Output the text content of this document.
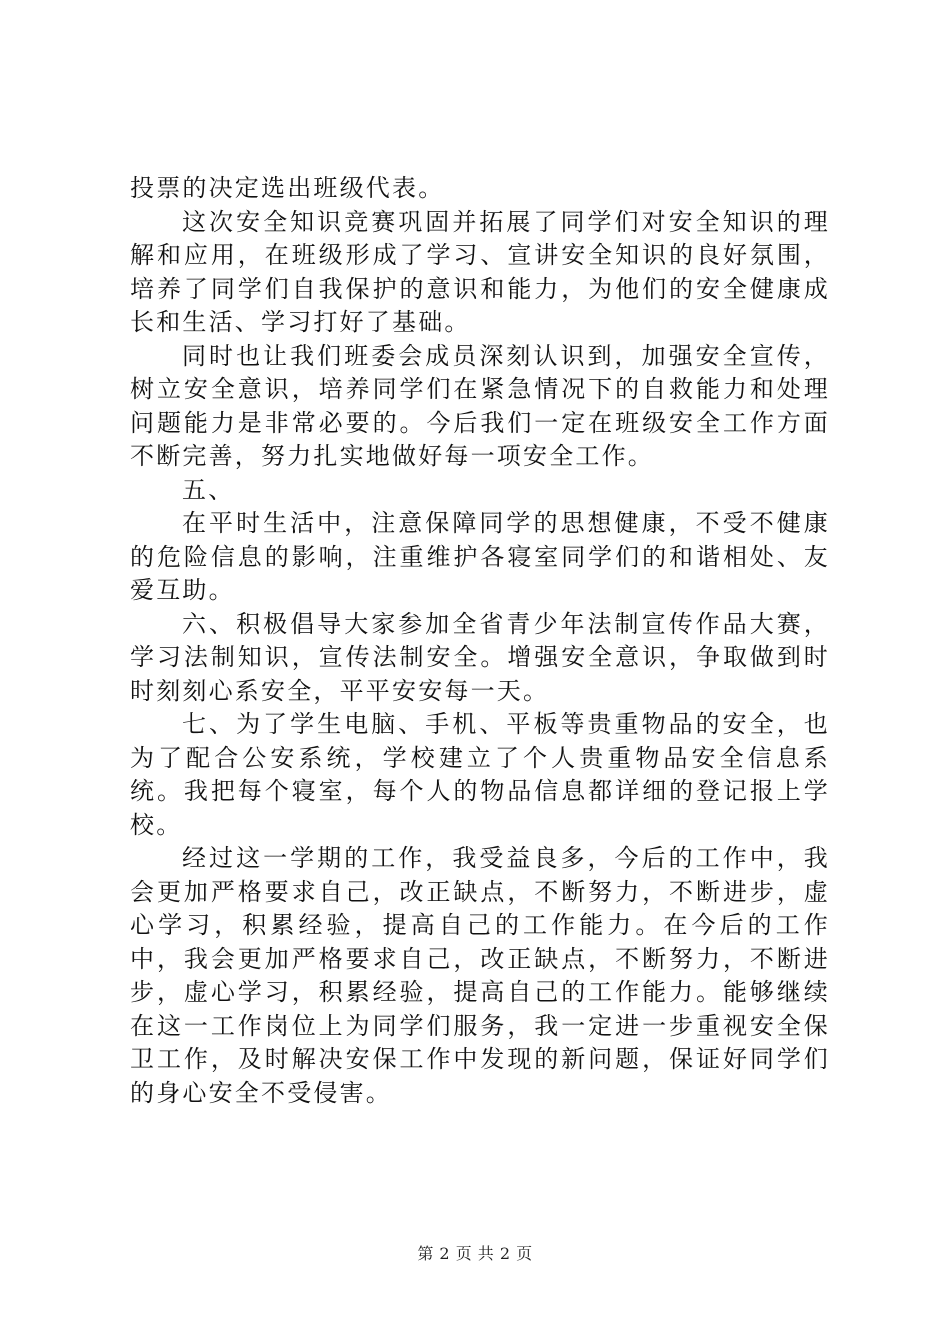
投票的决定选出班级代表。

这次安全知识竞赛巩固并拓展了同学们对安全知识的理解和应用，在班级形成了学习、宣讲安全知识的良好氛围，培养了同学们自我保护的意识和能力，为他们的安全健康成长和生活、学习打好了基础。

同时也让我们班委会成员深刻认识到，加强安全宣传，树立安全意识，培养同学们在紧急情况下的自救能力和处理问题能力是非常必要的。今后我们一定在班级安全工作方面不断完善，努力扎实地做好每一项安全工作。

五、

在平时生活中，注意保障同学的思想健康，不受不健康的危险信息的影响，注重维护各寝室同学们的和谐相处、友爱互助。

六、积极倡导大家参加全省青少年法制宣传作品大赛，学习法制知识，宣传法制安全。增强安全意识，争取做到时时刻刻心系安全，平平安安每一天。

七、为了学生电脑、手机、平板等贵重物品的安全，也为了配合公安系统，学校建立了个人贵重物品安全信息系统。我把每个寝室，每个人的物品信息都详细的登记报上学校。

经过这一学期的工作，我受益良多，今后的工作中，我会更加严格要求自己，改正缺点，不断努力，不断进步，虚心学习，积累经验，提高自己的工作能力。在今后的工作中，我会更加严格要求自己，改正缺点，不断努力，不断进步，虚心学习，积累经验，提高自己的工作能力。能够继续在这一工作岗位上为同学们服务，我一定进一步重视安全保卫工作，及时解决安保工作中发现的新问题，保证好同学们的身心安全不受侵害。

第 2 页 共 2 页
